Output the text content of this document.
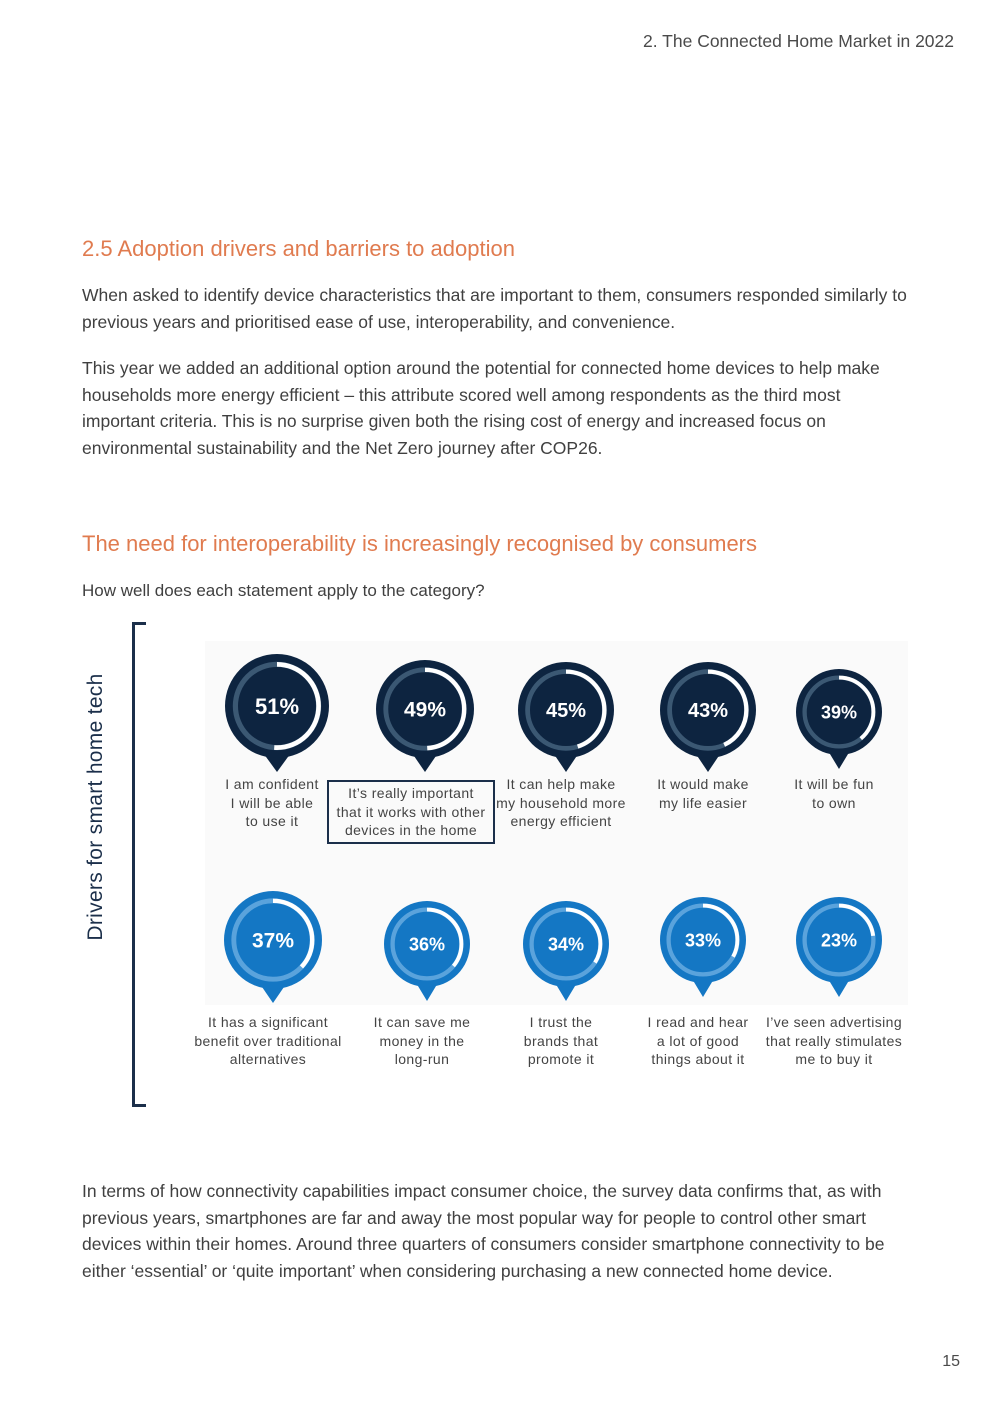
2. The Connected Home Market in 2022
2.5 Adoption drivers and barriers to adoption

When asked to identify device characteristics that are important to them, consumers responded similarly to previous years and prioritised ease of use, interoperability, and convenience.

This year we added an additional option around the potential for connected home devices to help make households more energy efficient – this attribute scored well among respondents as the third most important criteria. This is no surprise given both the rising cost of energy and increased focus on environmental sustainability and the Net Zero journey after COP26.

The need for interoperability is increasingly recognised by consumers

How well does each statement apply to the category?

Drivers for smart home tech	51%
I am confident
I will be able
to use it
49%
It’s really important
that it works with other
devices in the home
45%
It can help make
my household more
energy efficient
43%
It would make
my life easier
39%
It will be fun
to own
37%
It has a significant
benefit over traditional
alternatives
36%
It can save me
money in the
long-run
34%
I trust the
brands that
promote it
33%
I read and hear
a lot of good
things about it
23%
I’ve seen advertising
that really stimulates
me to buy it

In terms of how connectivity capabilities impact consumer choice, the survey data confirms that, as with previous years, smartphones are far and away the most popular way for people to control other smart devices within their homes. Around three quarters of consumers consider smartphone connectivity to be either ‘essential’ or ‘quite important’ when considering purchasing a new connected home device.

15
